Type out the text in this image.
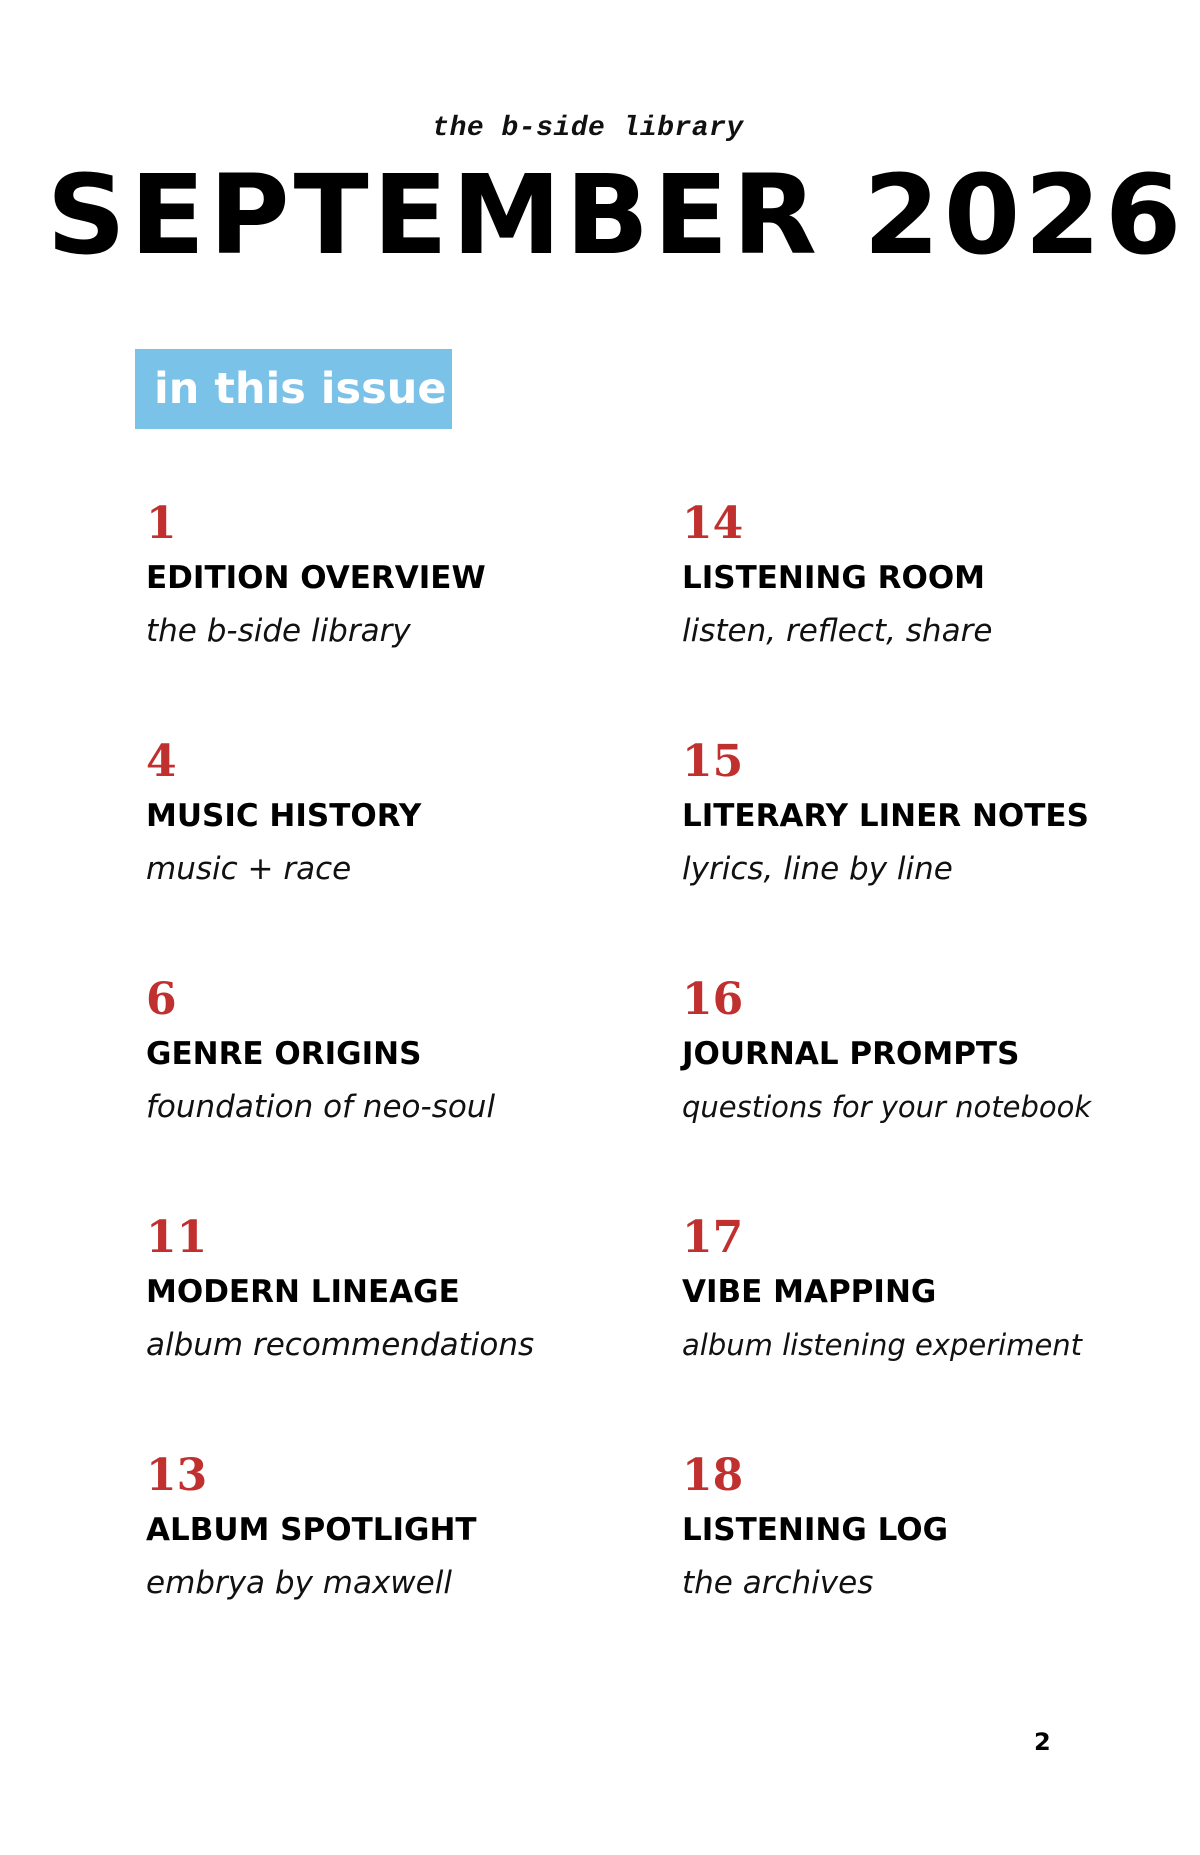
the b-side library
SEPTEMBER 2026
in this issue
1
EDITION OVERVIEW
the b-side library
4
MUSIC HISTORY
music + race
6
GENRE ORIGINS
foundation of neo-soul
11
MODERN LINEAGE
album recommendations
13
ALBUM SPOTLIGHT
embrya by maxwell
14
LISTENING ROOM
listen, reflect, share
15
LITERARY LINER NOTES
lyrics, line by line
16
JOURNAL PROMPTS
questions for your notebook
17
VIBE MAPPING
album listening experiment
18
LISTENING LOG
the archives
2
